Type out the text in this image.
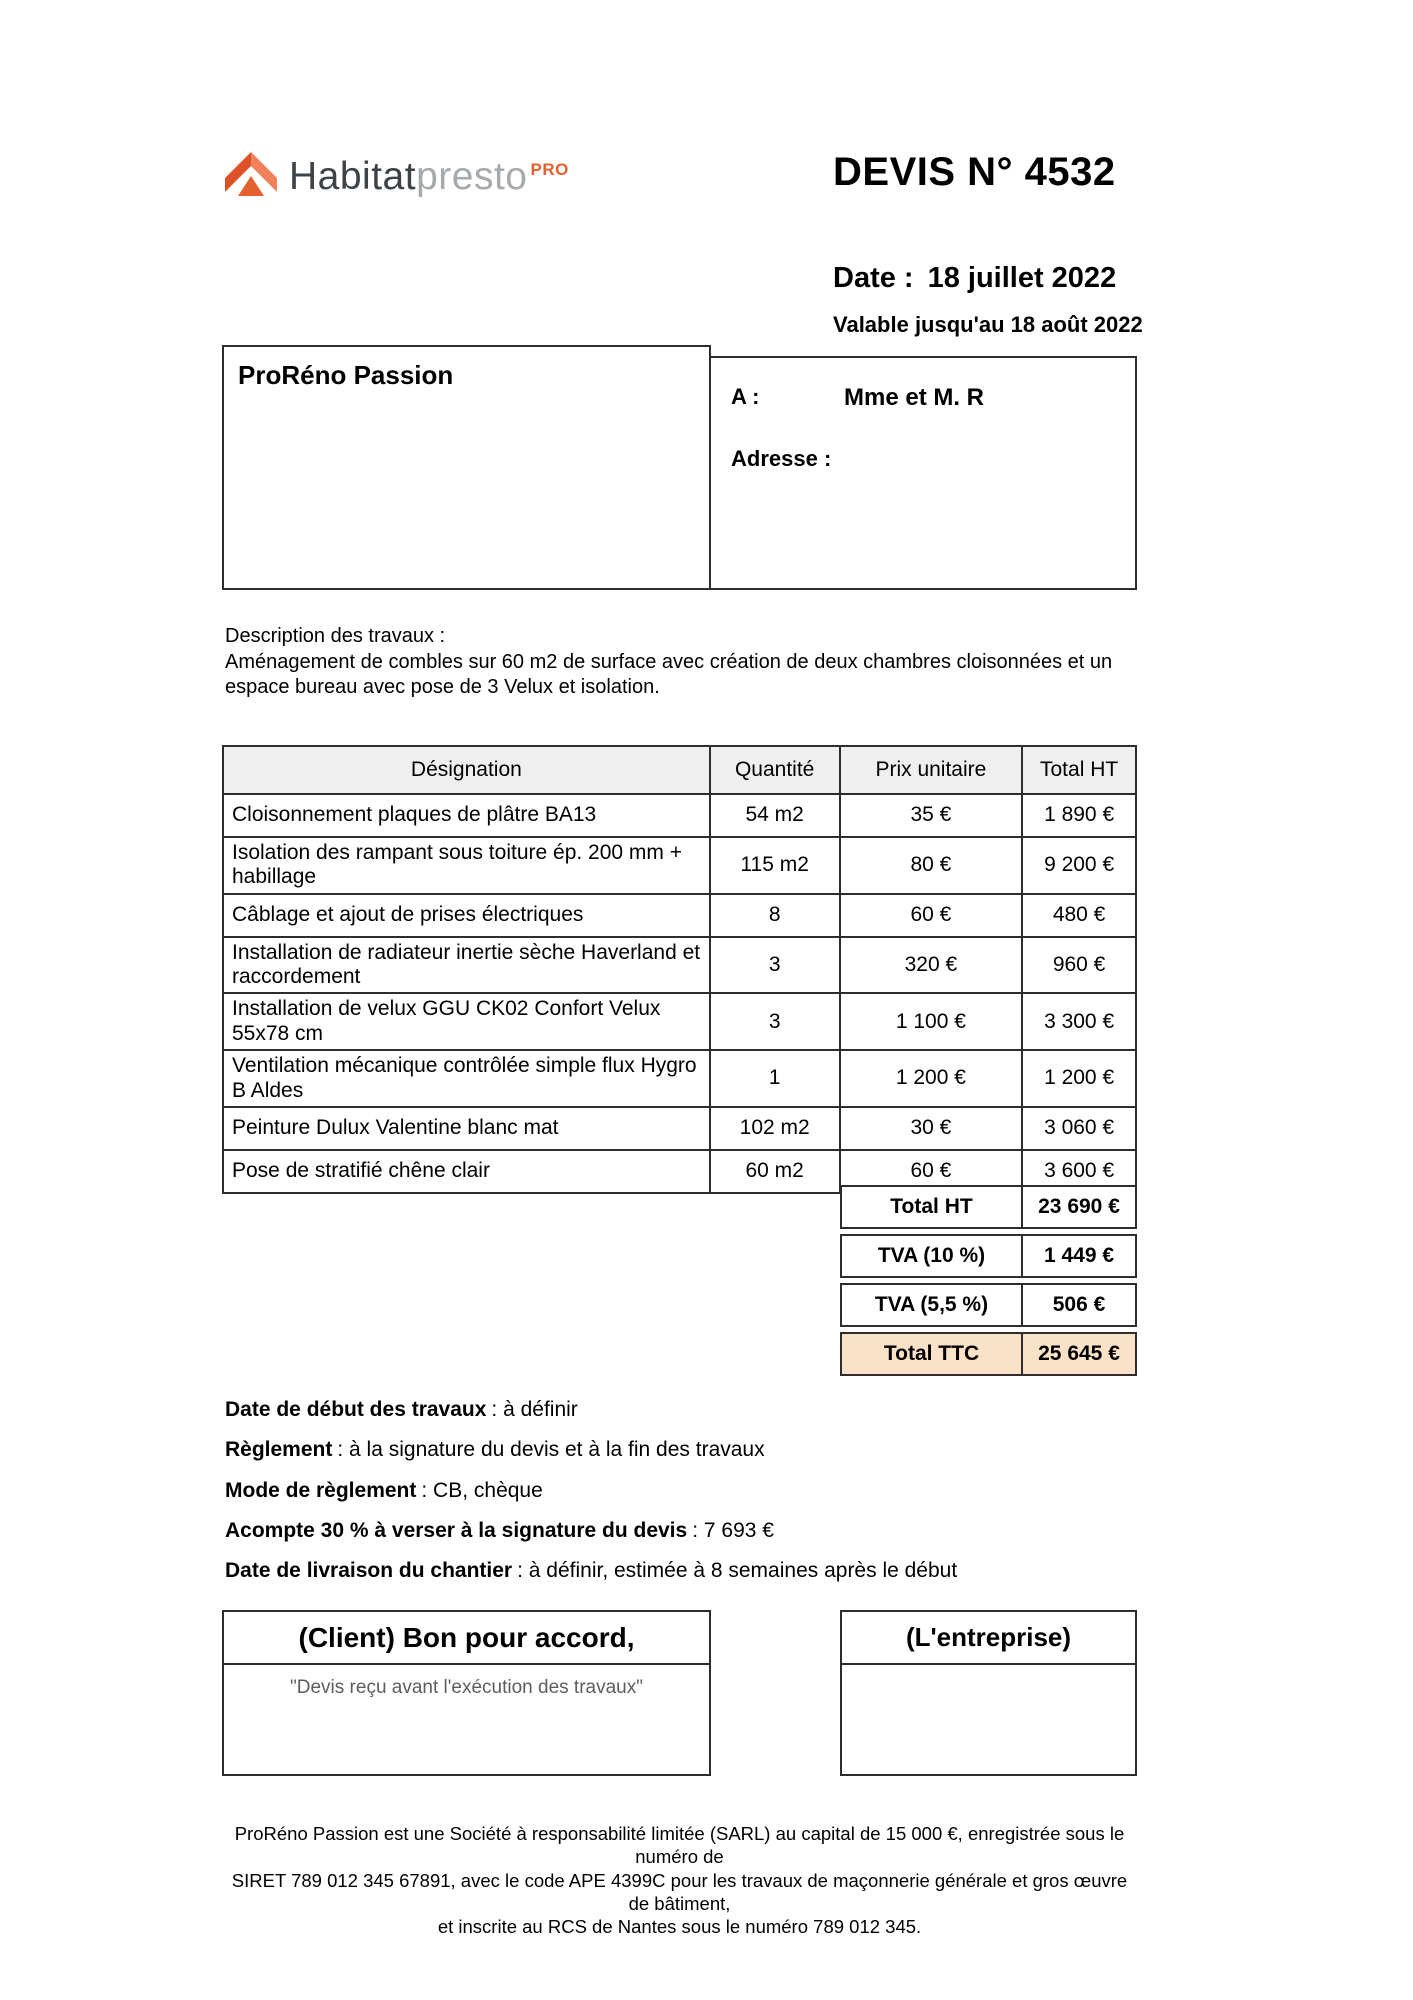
Habitatpresto $^{PRO}$	DEVIS N° 4532
Date : 18 juillet 2022
Valable jusqu'au 18 août 2022
ProRéno Passion
A :	Mme et M. R
Adresse :
Description des travaux :
Aménagement de combles sur 60 m2 de surface avec création de deux chambres cloisonnées et un espace bureau avec pose de 3 Velux et isolation.
Désignation	Quantité	Prix unitaire	Total HT
Cloisonnement plaques de plâtre BA13	54 m2	35 €	1 890 €
Isolation des rampant sous toiture ép. 200 mm + habillage	115 m2	80 €	9 200 €
Câblage et ajout de prises électriques	8	60 €	480 €
Installation de radiateur inertie sèche Haverland et raccordement	3	320 €	960 €
Installation de velux GGU CK02 Confort Velux 55x78 cm	3	1 100 €	3 300 €
Ventilation mécanique contrôlée simple flux Hygro B Aldes	1	1 200 €	1 200 €
Peinture Dulux Valentine blanc mat	102 m2	30 €	3 060 €
Pose de stratifié chêne clair	60 m2	60 €	3 600 €
Total HT	23 690 €
TVA (10 %)	1 449 €
TVA (5,5 %)	506 €
Total TTC	25 645 €
Date de début des travaux : à définir
Règlement : à la signature du devis et à la fin des travaux
Mode de règlement : CB, chèque
Acompte 30 % à verser à la signature du devis : 7 693 €
Date de livraison du chantier : à définir, estimée à 8 semaines après le début
(Client) Bon pour accord,
"Devis reçu avant l'exécution des travaux"
(L'entreprise)
ProRéno Passion est une Société à responsabilité limitée (SARL) au capital de 15 000 €, enregistrée sous le numéro de
SIRET 789 012 345 67891, avec le code APE 4399C pour les travaux de maçonnerie générale et gros œuvre de bâtiment,
et inscrite au RCS de Nantes sous le numéro 789 012 345.
